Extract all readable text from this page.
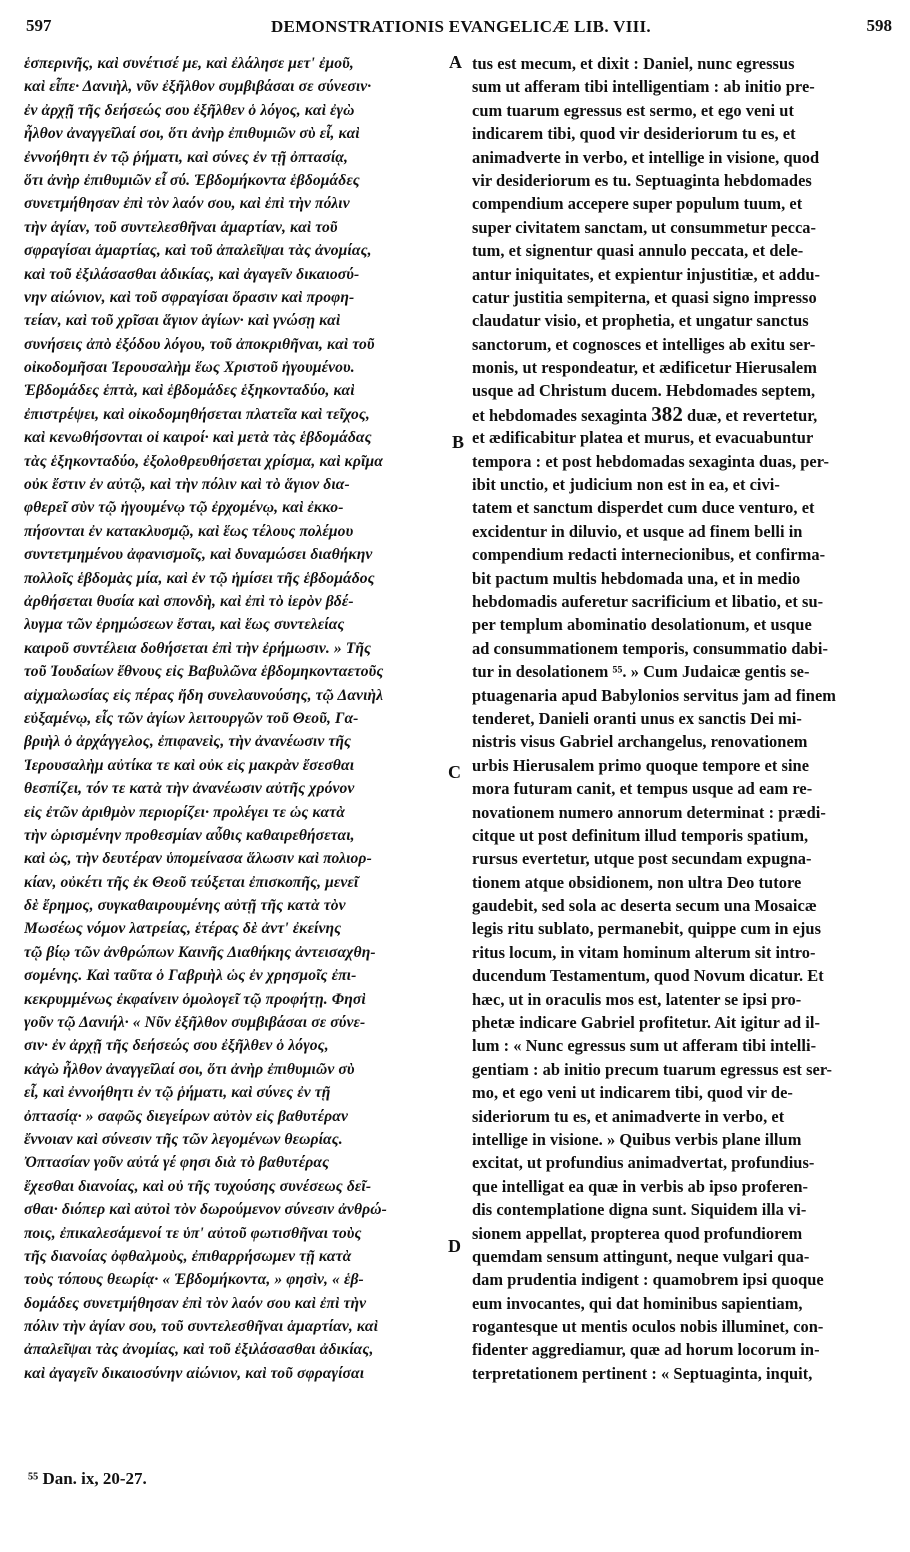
597	DEMONSTRATIONIS EVANGELICÆ LIB. VIII.	598
ἑσπερινῆς, καὶ συνέτισέ με, καὶ ἐλάλησε μετ' ἐμοῦ,
καὶ εἶπε· Δανιὴλ, νῦν ἐξῆλθον συμβιβάσαι σε σύνεσιν·
ἐν ἀρχῇ τῆς δεήσεώς σου ἐξῆλθεν ὁ λόγος, καὶ ἐγὼ
ἦλθον ἀναγγεῖλαί σοι, ὅτι ἀνὴρ ἐπιθυμιῶν σὺ εἶ, καὶ
ἐννοήθητι ἐν τῷ ῥήματι, καὶ σύνες ἐν τῇ ὀπτασίᾳ,
ὅτι ἀνὴρ ἐπιθυμιῶν εἶ σύ. Ἑβδομήκοντα ἑβδομάδες
συνετμήθησαν ἐπὶ τὸν λαόν σου, καὶ ἐπὶ τὴν πόλιν
τὴν ἁγίαν, τοῦ συντελεσθῆναι ἁμαρτίαν, καὶ τοῦ
σφραγίσαι ἁμαρτίας, καὶ τοῦ ἀπαλεῖψαι τὰς ἀνομίας,
καὶ τοῦ ἐξιλάσασθαι ἀδικίας, καὶ ἀγαγεῖν δικαιοσύ-
νην αἰώνιον, καὶ τοῦ σφραγίσαι ὅρασιν καὶ προφη-
τείαν, καὶ τοῦ χρῖσαι ἅγιον ἁγίων· καὶ γνώσῃ καὶ
συνήσεις ἀπὸ ἐξόδου λόγου, τοῦ ἀποκριθῆναι, καὶ τοῦ
οἰκοδομῆσαι Ἱερουσαλὴμ ἕως Χριστοῦ ἡγουμένου.
Ἑβδομάδες ἑπτὰ, καὶ ἑβδομάδες ἑξηκονταδύο, καὶ
ἐπιστρέψει, καὶ οἰκοδομηθήσεται πλατεῖα καὶ τεῖχος,
καὶ κενωθήσονται οἱ καιροί· καὶ μετὰ τὰς ἑβδομάδας
τὰς ἑξηκονταδύο, ἐξολοθρευθήσεται χρίσμα, καὶ κρῖμα
οὐκ ἔστιν ἐν αὐτῷ, καὶ τὴν πόλιν καὶ τὸ ἅγιον δια-
φθερεῖ σὺν τῷ ἡγουμένῳ τῷ ἐρχομένῳ, καὶ ἐκκο-
πήσονται ἐν κατακλυσμῷ, καὶ ἕως τέλους πολέμου
συντετμημένου ἀφανισμοῖς, καὶ δυναμώσει διαθήκην
πολλοῖς ἑβδομὰς μία, καὶ ἐν τῷ ἡμίσει τῆς ἑβδομάδος
ἀρθήσεται θυσία καὶ σπονδὴ, καὶ ἐπὶ τὸ ἱερὸν βδέ-
λυγμα τῶν ἐρημώσεων ἔσται, καὶ ἕως συντελείας
καιροῦ συντέλεια δοθήσεται ἐπὶ τὴν ἐρήμωσιν. » Τῆς
τοῦ Ἰουδαίων ἔθνους εἰς Βαβυλῶνα ἑβδομηκονταετοῦς
αἰχμαλωσίας εἰς πέρας ἤδη συνελαυνούσης, τῷ Δανιὴλ
εὐξαμένῳ, εἷς τῶν ἁγίων λειτουργῶν τοῦ Θεοῦ, Γα-
βριὴλ ὁ ἀρχάγγελος, ἐπιφανεὶς, τὴν ἀνανέωσιν τῆς
Ἱερουσαλὴμ αὐτίκα τε καὶ οὐκ εἰς μακρὰν ἔσεσθαι
θεσπίζει, τόν τε κατὰ τὴν ἀνανέωσιν αὐτῆς χρόνον
εἰς ἐτῶν ἀριθμὸν περιορίζει· προλέγει τε ὡς κατὰ
τὴν ὡρισμένην προθεσμίαν αὖθις καθαιρεθήσεται,
καὶ ὡς, τὴν δευτέραν ὑπομείνασα ἅλωσιν καὶ πολιορ-
κίαν, οὐκέτι τῆς ἐκ Θεοῦ τεύξεται ἐπισκοπῆς, μενεῖ
δὲ ἔρημος, συγκαθαιρουμένης αὐτῇ τῆς κατὰ τὸν
Μωσέως νόμον λατρείας, ἑτέρας δὲ ἀντ' ἐκείνης
τῷ βίῳ τῶν ἀνθρώπων Καινῆς Διαθήκης ἀντεισαχθη-
σομένης. Καὶ ταῦτα ὁ Γαβριὴλ ὡς ἐν χρησμοῖς ἐπι-
κεκρυμμένως ἐκφαίνειν ὁμολογεῖ τῷ προφήτῃ. Φησὶ
γοῦν τῷ Δανιήλ· « Νῦν ἐξῆλθον συμβιβάσαι σε σύνε-
σιν· ἐν ἀρχῇ τῆς δεήσεώς σου ἐξῆλθεν ὁ λόγος,
κἀγὼ ἦλθον ἀναγγεῖλαί σοι, ὅτι ἀνὴρ ἐπιθυμιῶν σὺ
εἶ, καὶ ἐννοήθητι ἐν τῷ ῥήματι, καὶ σύνες ἐν τῇ
ὀπτασίᾳ· » σαφῶς διεγείρων αὐτὸν εἰς βαθυτέραν
ἔννοιαν καὶ σύνεσιν τῆς τῶν λεγομένων θεωρίας.
Ὀπτασίαν γοῦν αὐτά γέ φησι διὰ τὸ βαθυτέρας
ἔχεσθαι διανοίας, καὶ οὐ τῆς τυχούσης συνέσεως δεῖ-
σθαι· διόπερ καὶ αὐτοὶ τὸν δωρούμενον σύνεσιν ἀνθρώ-
ποις, ἐπικαλεσάμενοί τε ὑπ' αὐτοῦ φωτισθῆναι τοὺς
τῆς διανοίας ὀφθαλμοὺς, ἐπιθαρρήσωμεν τῇ κατὰ
τοὺς τόπους θεωρίᾳ· « Ἑβδομήκοντα, » φησὶν, « ἑβ-
δομάδες συνετμήθησαν ἐπὶ τὸν λαόν σου καὶ ἐπὶ τὴν
πόλιν τὴν ἁγίαν σου, τοῦ συντελεσθῆναι ἁμαρτίαν, καὶ
ἀπαλεῖψαι τὰς ἀνομίας, καὶ τοῦ ἐξιλάσασθαι ἀδικίας,
καὶ ἀγαγεῖν δικαιοσύνην αἰώνιον, καὶ τοῦ σφραγίσαι
tus est mecum, et dixit : Daniel, nunc egressus
sum ut afferam tibi intelligentiam : ab initio pre-
cum tuarum egressus est sermo, et ego veni ut
indicarem tibi, quod vir desideriorum tu es, et
animadverte in verbo, et intellige in visione, quod
vir desideriorum es tu. Septuaginta hebdomades
compendium accepere super populum tuum, et
super civitatem sanctam, ut consummetur pecca-
tum, et signentur quasi annulo peccata, et dele-
antur iniquitates, et expientur injustitiæ, et addu-
catur justitia sempiterna, et quasi signo impresso
claudatur visio, et prophetia, et ungatur sanctus
sanctorum, et cognosces et intelliges ab exitu ser-
monis, ut respondeatur, et ædificetur Hierusalem
usque ad Christum ducem. Hebdomades septem,
et hebdomades sexaginta 382 duæ, et revertetur,
et ædificabitur platea et murus, et evacuabuntur
tempora : et post hebdomadas sexaginta duas, per-
ibit unctio, et judicium non est in ea, et civi-
tatem et sanctum disperdet cum duce venturo, et
excidentur in diluvio, et usque ad finem belli in
compendium redacti internecionibus, et confirma-
bit pactum multis hebdomada una, et in medio
hebdomadis auferetur sacrificium et libatio, et su-
per templum abominatio desolationum, et usque
ad consummationem temporis, consummatio dabi-
tur in desolationem ⁵⁵. » Cum Judaicæ gentis se-
ptuagenaria apud Babylonios servitus jam ad finem
tenderet, Danieli oranti unus ex sanctis Dei mi-
nistris visus Gabriel archangelus, renovationem
urbis Hierusalem primo quoque tempore et sine
mora futuram canit, et tempus usque ad eam re-
novationem numero annorum determinat : prædi-
citque ut post definitum illud temporis spatium,
rursus evertetur, utque post secundam expugna-
tionem atque obsidionem, non ultra Deo tutore
gaudebit, sed sola ac deserta secum una Mosaicæ
legis ritu sublato, permanebit, quippe cum in ejus
ritus locum, in vitam hominum alterum sit intro-
ducendum Testamentum, quod Novum dicatur. Et
hæc, ut in oraculis mos est, latenter se ipsi pro-
phetæ indicare Gabriel profitetur. Ait igitur ad il-
lum : « Nunc egressus sum ut afferam tibi intelli-
gentiam : ab initio precum tuarum egressus est ser-
mo, et ego veni ut indicarem tibi, quod vir de-
sideriorum tu es, et animadverte in verbo, et
intellige in visione. » Quibus verbis plane illum
excitat, ut profundius animadvertat, profundius-
que intelligat ea quæ in verbis ab ipso proferen-
dis contemplatione digna sunt. Siquidem illa vi-
sionem appellat, propterea quod profundiorem
quemdam sensum attingunt, neque vulgari qua-
dam prudentia indigent : quamobrem ipsi quoque
eum invocantes, qui dat hominibus sapientiam,
rogantesque ut mentis oculos nobis illuminet, con-
fidenter aggrediamur, quæ ad horum locorum in-
terpretationem pertinent : « Septuaginta, inquit,
A
B
C
D
⁵⁵ Dan. ix, 20-27.
